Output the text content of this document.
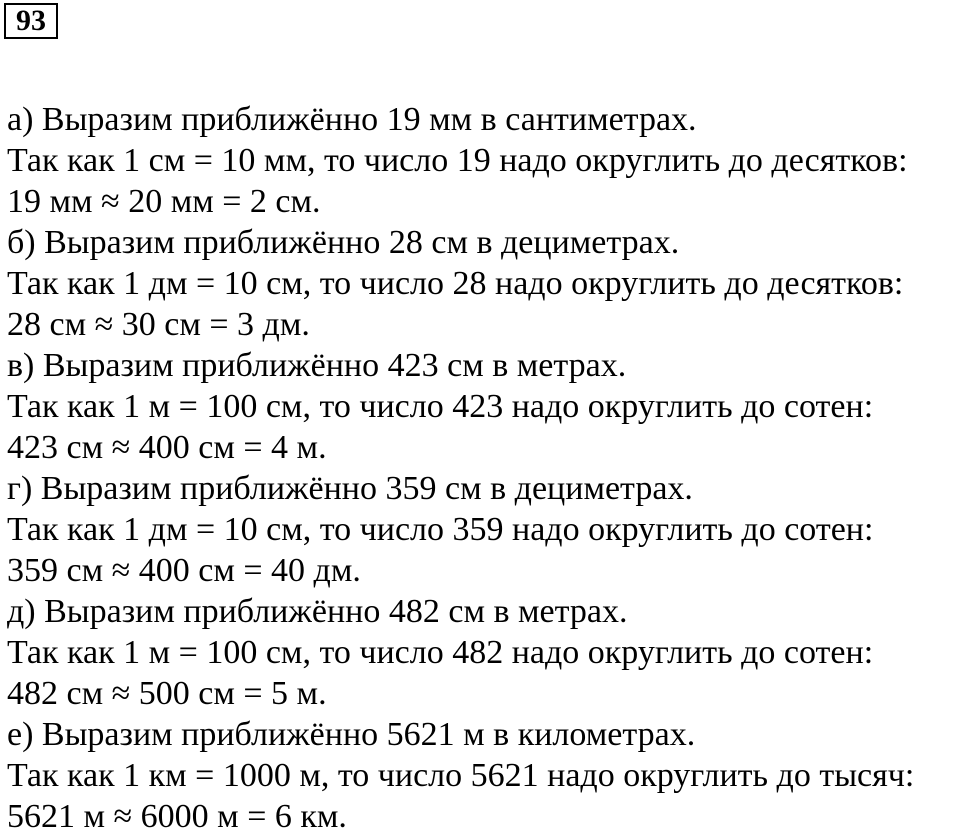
93
а) Выразим приближённо 19 мм в сантиметрах.
Так как 1 см = 10 мм, то число 19 надо округлить до десятков:
19 мм ≈ 20 мм = 2 см.
б) Выразим приближённо 28 см в дециметрах.
Так как 1 дм = 10 см, то число 28 надо округлить до десятков:
28 см ≈ 30 см = 3 дм.
в) Выразим приближённо 423 см в метрах.
Так как 1 м = 100 см, то число 423 надо округлить до сотен:
423 см ≈ 400 см = 4 м.
г) Выразим приближённо 359 см в дециметрах.
Так как 1 дм = 10 см, то число 359 надо округлить до сотен:
359 см ≈ 400 см = 40 дм.
д) Выразим приближённо 482 см в метрах.
Так как 1 м = 100 см, то число 482 надо округлить до сотен:
482 см ≈ 500 см = 5 м.
е) Выразим приближённо 5621 м в километрах.
Так как 1 км = 1000 м, то число 5621 надо округлить до тысяч:
5621 м ≈ 6000 м = 6 км.
